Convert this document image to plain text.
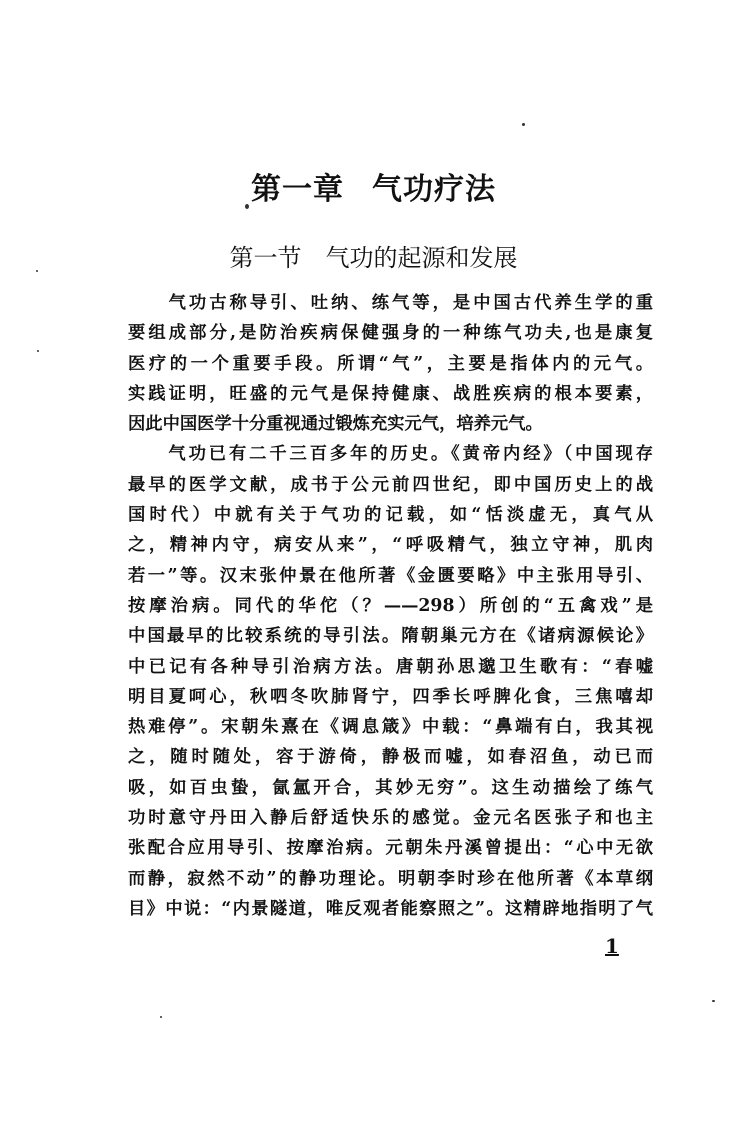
第一章 气功疗法
第一节 气功的起源和发展
　　气功古称导引、吐纳、练气等，是中国古代养生学的重
要组成部分,是防治疾病保健强身的一种练气功夫,也是康复
医疗的一个重要手段。所谓“气”，主要是指体内的元气。
实践证明，旺盛的元气是保持健康、战胜疾病的根本要素，
因此中国医学十分重视通过锻炼充实元气，培养元气。
　　气功已有二千三百多年的历史。《黄帝内经》（中国现存
最早的医学文献，成书于公元前四世纪，即中国历史上的战
国时代）中就有关于气功的记载，如“恬淡虚无，真气从
之，精神内守，病安从来”，“呼吸精气，独立守神，肌肉
若一”等。汉末张仲景在他所著《金匮要略》中主张用导引、
按摩治病。同代的华佗（？——298）所创的“五禽戏”是
中国最早的比较系统的导引法。隋朝巢元方在《诸病源候论》
中已记有各种导引治病方法。唐朝孙思邈卫生歌有：“春嘘
明目夏呵心，秋呬冬吹肺肾宁，四季长呼脾化食，三焦嘻却
热难停”。宋朝朱熹在《调息箴》中载：“鼻端有白，我其视
之，随时随处，容于游倚，静极而嘘，如春沼鱼，动已而
吸，如百虫蛰，氤氲开合，其妙无穷”。这生动描绘了练气
功时意守丹田入静后舒适快乐的感觉。金元名医张子和也主
张配合应用导引、按摩治病。元朝朱丹溪曾提出：“心中无欲
而静，寂然不动”的静功理论。明朝李时珍在他所著《本草纲
目》中说：“内景隧道，唯反观者能察照之”。这精辟地指明了气
1
